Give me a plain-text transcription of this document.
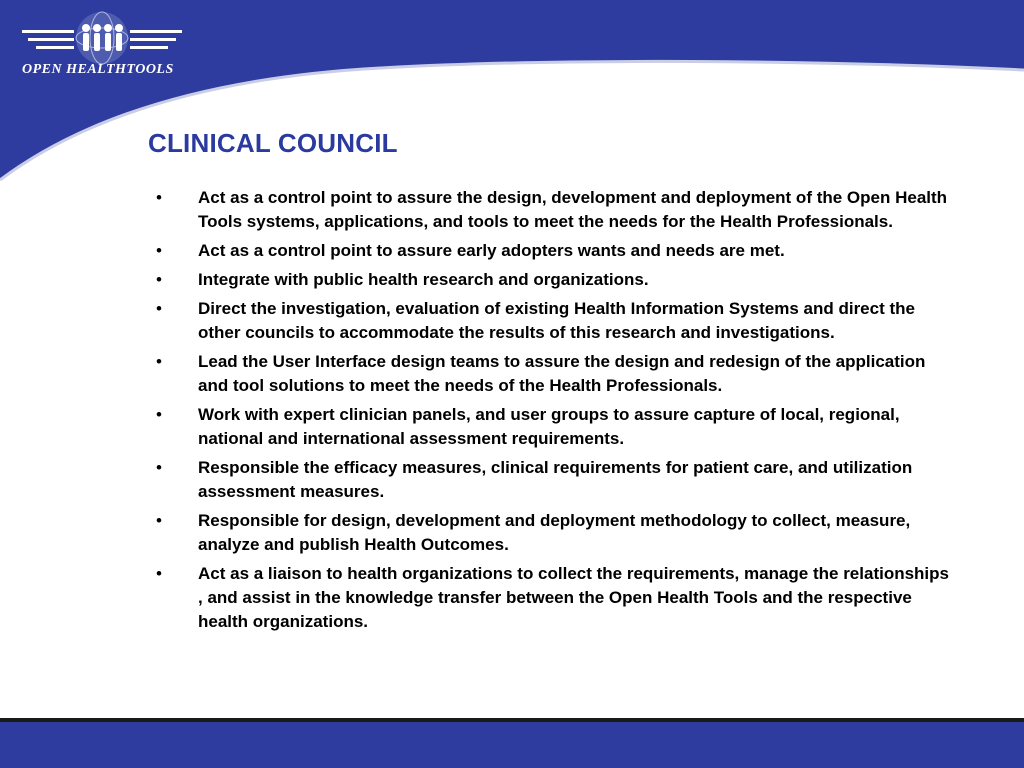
OPEN HEALTHTOOLS
CLINICAL COUNCIL
• Act as a control point to assure the design, development and deployment of the Open Health Tools systems, applications, and tools to meet the needs for the Health Professionals.
• Act as a control point to assure early adopters wants and needs are met.
• Integrate with public health research and organizations.
• Direct the investigation, evaluation of existing Health Information Systems and direct the other councils to accommodate the results of this research and investigations.
• Lead the User Interface design teams to assure the design and redesign of the application and tool solutions to meet the needs of the Health Professionals.
• Work with expert clinician panels, and user groups to assure capture of local, regional, national and international assessment requirements.
• Responsible the efficacy measures, clinical requirements for patient care, and utilization assessment measures.
• Responsible for design, development and deployment methodology to collect, measure, analyze and publish Health Outcomes.
• Act as a liaison to health organizations to collect the requirements, manage the relationships , and assist in the knowledge transfer between the Open Health Tools and the respective health organizations.
